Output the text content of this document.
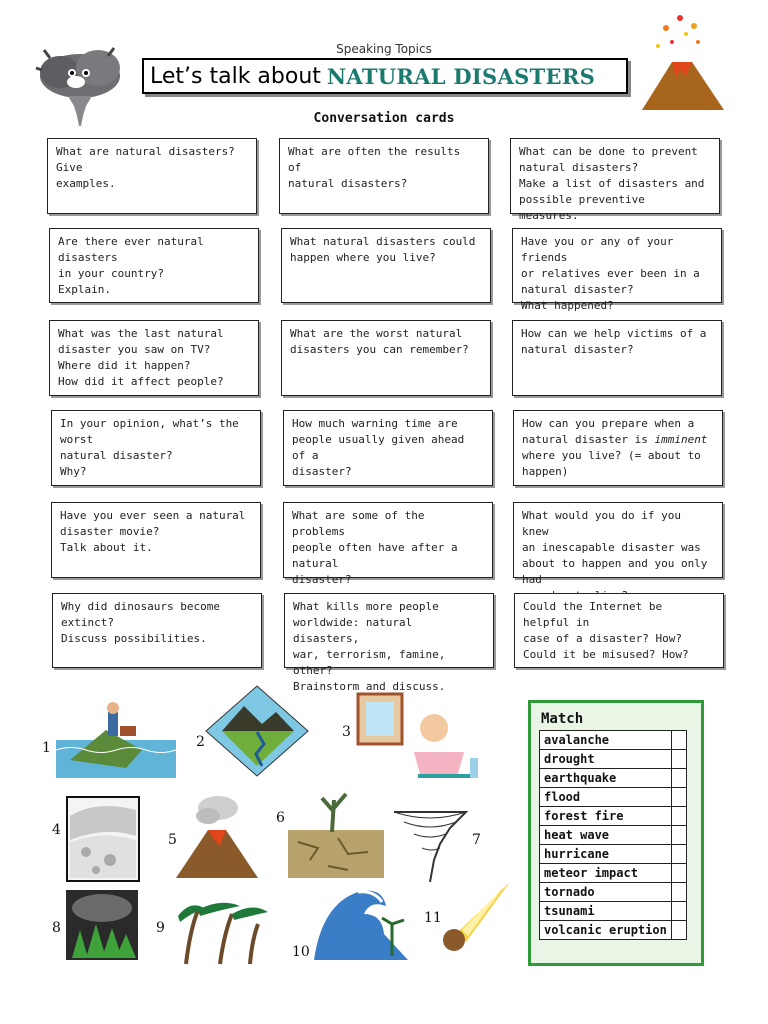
Speaking Topics
Let’s talk about NATURAL DISASTERS
Conversation cards
What are natural disasters? Give
examples.
What are often the results of
natural disasters?
What can be done to prevent
natural disasters?
Make a list of disasters and
possible preventive measures.
Are there ever natural disasters
in your country?
Explain.
What natural disasters could
happen where you live?
Have you or any of your friends
or relatives ever been in a
natural disaster?
What happened?
What was the last natural
disaster you saw on TV?
Where did it happen?
How did it affect people?
What are the worst natural
disasters you can remember?
How can we help victims of a
natural disaster?
In your opinion, what’s the worst
natural disaster?
Why?
How much warning time are
people usually given ahead of a
disaster?
How can you prepare when a
natural disaster is imminent
where you live? (= about to
happen)
Have you ever seen a natural
disaster movie?
Talk about it.
What are some of the problems
people often have after a natural
disaster?
What would you do if you knew
an inescapable disaster was
about to happen and you only had

Why did dinosaurs become
extinct?
Discuss possibilities.
What kills more people
worldwide: natural disasters,
war, terrorism, famine, other?
Brainstorm and discuss.
Could the Internet be helpful in
case of a disaster? How?
Could it be misused? How?
1	2
3
4
5
6
7
8	9
10
11
Match
avalanche	
drought	
earthquake	
flood	
forest fire	
heat wave	
hurricane	
meteor impact	
tornado	
tsunami	
volcanic eruption	
